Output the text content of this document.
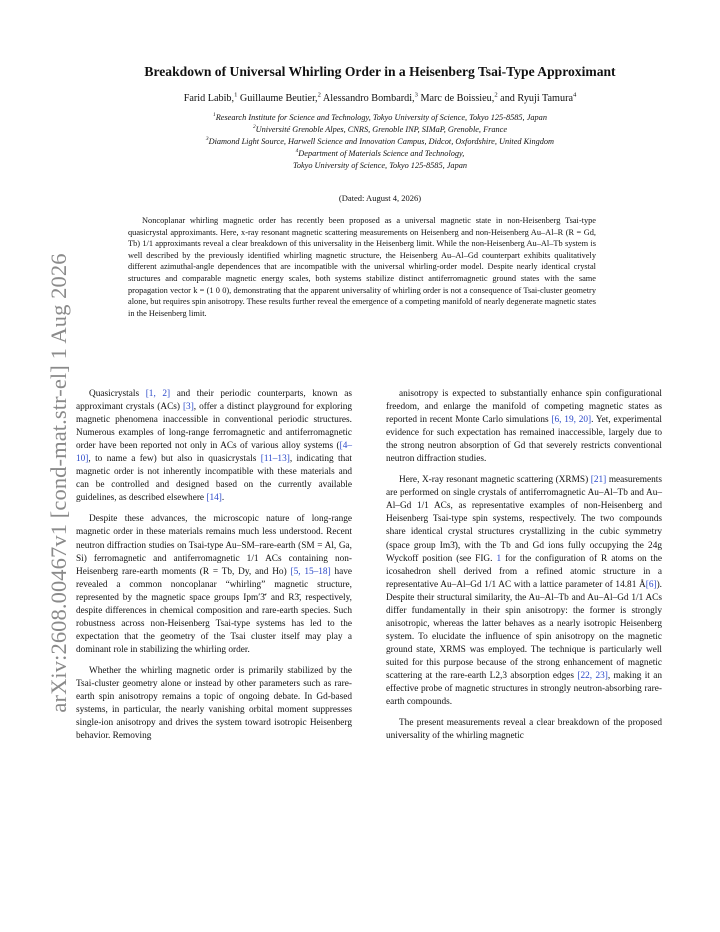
arXiv:2608.00467v1 [cond-mat.str-el] 1 Aug 2026
Breakdown of Universal Whirling Order in a Heisenberg Tsai-Type Approximant
Farid Labib,$^1$ Guillaume Beutier,$^2$ Alessandro Bombardi,$^3$ Marc de Boissieu,$^2$ and Ryuji Tamura$^4$
$^1$Research Institute for Science and Technology, Tokyo University of Science, Tokyo 125-8585, Japan
$^2$Université Grenoble Alpes, CNRS, Grenoble INP, SIMaP, Grenoble, France
$^3$Diamond Light Source, Harwell Science and Innovation Campus, Didcot, Oxfordshire, United Kingdom
$^4$Department of Materials Science and Technology,
Tokyo University of Science, Tokyo 125-8585, Japan
(Dated: August 4, 2026)
Noncoplanar whirling magnetic order has recently been proposed as a universal magnetic state in non-Heisenberg Tsai-type quasicrystal approximants. Here, x-ray resonant magnetic scattering measurements on Heisenberg and non-Heisenberg Au–Al–R (R = Gd, Tb) 1/1 approximants reveal a clear breakdown of this universality in the Heisenberg limit. While the non-Heisenberg Au–Al–Tb system is well described by the previously identified whirling magnetic structure, the Heisenberg Au–Al–Gd counterpart exhibits qualitatively different azimuthal-angle dependences that are incompatible with the universal whirling-order model. Despite nearly identical crystal structures and comparable magnetic energy scales, both systems stabilize distinct antiferromagnetic ground states with the same propagation vector k = (1 0 0), demonstrating that the apparent universality of whirling order is not a consequence of Tsai-cluster geometry alone, but requires spin anisotropy. These results further reveal the emergence of a competing manifold of nearly degenerate magnetic states in the Heisenberg limit.

Quasicrystals [1, 2] and their periodic counterparts, known as approximant crystals (ACs) [3], offer a distinct playground for exploring magnetic phenomena inaccessible in conventional periodic structures. Numerous examples of long-range ferromagnetic and antiferromagnetic order have been reported not only in ACs of various alloy systems ([4–10], to name a few) but also in quasicrystals [11–13], indicating that magnetic order is not inherently incompatible with these materials and can be controlled and designed based on the currently available guidelines, as described elsewhere [14].

Despite these advances, the microscopic nature of long-range magnetic order in these materials remains much less understood. Recent neutron diffraction studies on Tsai-type Au–SM–rare-earth (SM = Al, Ga, Si) ferromagnetic and antiferromagnetic 1/1 ACs containing non-Heisenberg rare-earth moments (R = Tb, Dy, and Ho) [5, 15–18] have revealed a common noncoplanar “whirling” magnetic structure, represented by the magnetic space groups Ipm′3̄′ and R3̄, respectively, despite differences in chemical composition and rare-earth species. Such robustness across non-Heisenberg Tsai-type systems has led to the expectation that the geometry of the Tsai cluster itself may play a dominant role in stabilizing the whirling order.

Whether the whirling magnetic order is primarily stabilized by the Tsai-cluster geometry alone or instead by other parameters such as rare-earth spin anisotropy remains a topic of ongoing debate. In Gd-based systems, in particular, the nearly vanishing orbital moment suppresses single-ion anisotropy and drives the system toward isotropic Heisenberg behavior. Removing

anisotropy is expected to substantially enhance spin configurational freedom, and enlarge the manifold of competing magnetic states as reported in recent Monte Carlo simulations [6, 19, 20]. Yet, experimental evidence for such expectation has remained inaccessible, largely due to the strong neutron absorption of Gd that severely restricts conventional neutron diffraction studies.

Here, X-ray resonant magnetic scattering (XRMS) [21] measurements are performed on single crystals of antiferromagnetic Au–Al–Tb and Au–Al–Gd 1/1 ACs, as representative examples of non-Heisenberg and Heisenberg Tsai-type spin systems, respectively. The two compounds share identical crystal structures crystallizing in the cubic symmetry (space group Im3̄), with the Tb and Gd ions fully occupying the 24g Wyckoff position (see FIG. 1 for the configuration of R atoms on the icosahedron shell derived from a refined atomic structure in a representative Au–Al–Gd 1/1 AC with a lattice parameter of 14.81 Å[6]). Despite their structural similarity, the Au–Al–Tb and Au–Al–Gd 1/1 ACs differ fundamentally in their spin anisotropy: the former is strongly anisotropic, whereas the latter behaves as a nearly isotropic Heisenberg system. To elucidate the influence of spin anisotropy on the magnetic ground state, XRMS was employed. The technique is particularly well suited for this purpose because of the strong enhancement of magnetic scattering at the rare-earth L2,3 absorption edges [22, 23], making it an effective probe of magnetic structures in strongly neutron-absorbing rare-earth compounds.

The present measurements reveal a clear breakdown of the proposed universality of the whirling magnetic
